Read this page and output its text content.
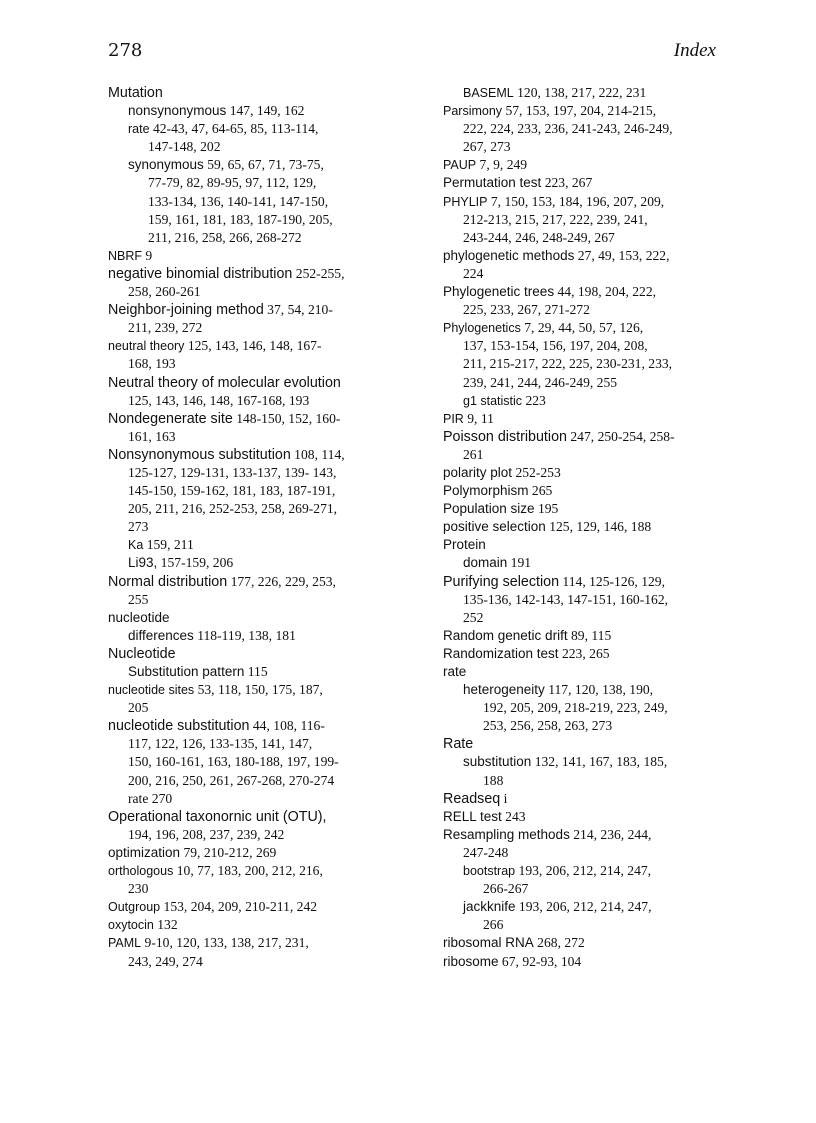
278	Index

Mutation

nonsynonymous 147, 149, 162

rate 42-43, 47, 64-65, 85, 113-114,

147-148, 202

synonymous 59, 65, 67, 71, 73-75,

77-79, 82, 89-95, 97, 112, 129,

133-134, 136, 140-141, 147-150,

159, 161, 181, 183, 187-190, 205,

211, 216, 258, 266, 268-272

NBRF 9

negative binomial distribution 252-255,

258, 260-261

Neighbor-joining method 37, 54, 210-

211, 239, 272

neutral theory 125, 143, 146, 148, 167-

168, 193

Neutral theory of molecular evolution

125, 143, 146, 148, 167-168, 193

Nondegenerate site 148-150, 152, 160-

161, 163

Nonsynonymous substitution 108, 114,

125-127, 129-131, 133-137, 139- 143,

145-150, 159-162, 181, 183, 187-191,

205, 211, 216, 252-253, 258, 269-271,

273

Ka 159, 211

Li93, 157-159, 206

Normal distribution 177, 226, 229, 253,

255

nucleotide

differences 118-119, 138, 181

Nucleotide

Substitution pattern 115

nucleotide sites 53, 118, 150, 175, 187,

205

nucleotide substitution 44, 108, 116-

117, 122, 126, 133-135, 141, 147,

150, 160-161, 163, 180-188, 197, 199-

200, 216, 250, 261, 267-268, 270-274

rate 270

Operational taxonornic unit (OTU),

194, 196, 208, 237, 239, 242

optimization 79, 210-212, 269

orthologous 10, 77, 183, 200, 212, 216,

230

Outgroup 153, 204, 209, 210-211, 242

oxytocin 132

PAML 9-10, 120, 133, 138, 217, 231,

243, 249, 274

BASEML 120, 138, 217, 222, 231

Parsimony 57, 153, 197, 204, 214-215,

222, 224, 233, 236, 241-243, 246-249,

267, 273

PAUP 7, 9, 249

Permutation test 223, 267

PHYLIP 7, 150, 153, 184, 196, 207, 209,

212-213, 215, 217, 222, 239, 241,

243-244, 246, 248-249, 267

phylogenetic methods 27, 49, 153, 222,

224

Phylogenetic trees 44, 198, 204, 222,

225, 233, 267, 271-272

Phylogenetics 7, 29, 44, 50, 57, 126,

137, 153-154, 156, 197, 204, 208,

211, 215-217, 222, 225, 230-231, 233,

239, 241, 244, 246-249, 255

g1 statistic 223

PIR 9, 11

Poisson distribution 247, 250-254, 258-

261

polarity plot 252-253

Polymorphism 265

Population size 195

positive selection 125, 129, 146, 188

Protein

domain 191

Purifying selection 114, 125-126, 129,

135-136, 142-143, 147-151, 160-162,

252

Random genetic drift 89, 115

Randomization test 223, 265

rate

heterogeneity 117, 120, 138, 190,

192, 205, 209, 218-219, 223, 249,

253, 256, 258, 263, 273

Rate

substitution 132, 141, 167, 183, 185,

188

Readseq i

RELL test 243

Resampling methods 214, 236, 244,

247-248

bootstrap 193, 206, 212, 214, 247,

266-267

jackknife 193, 206, 212, 214, 247,

266

ribosomal RNA 268, 272

ribosome 67, 92-93, 104
